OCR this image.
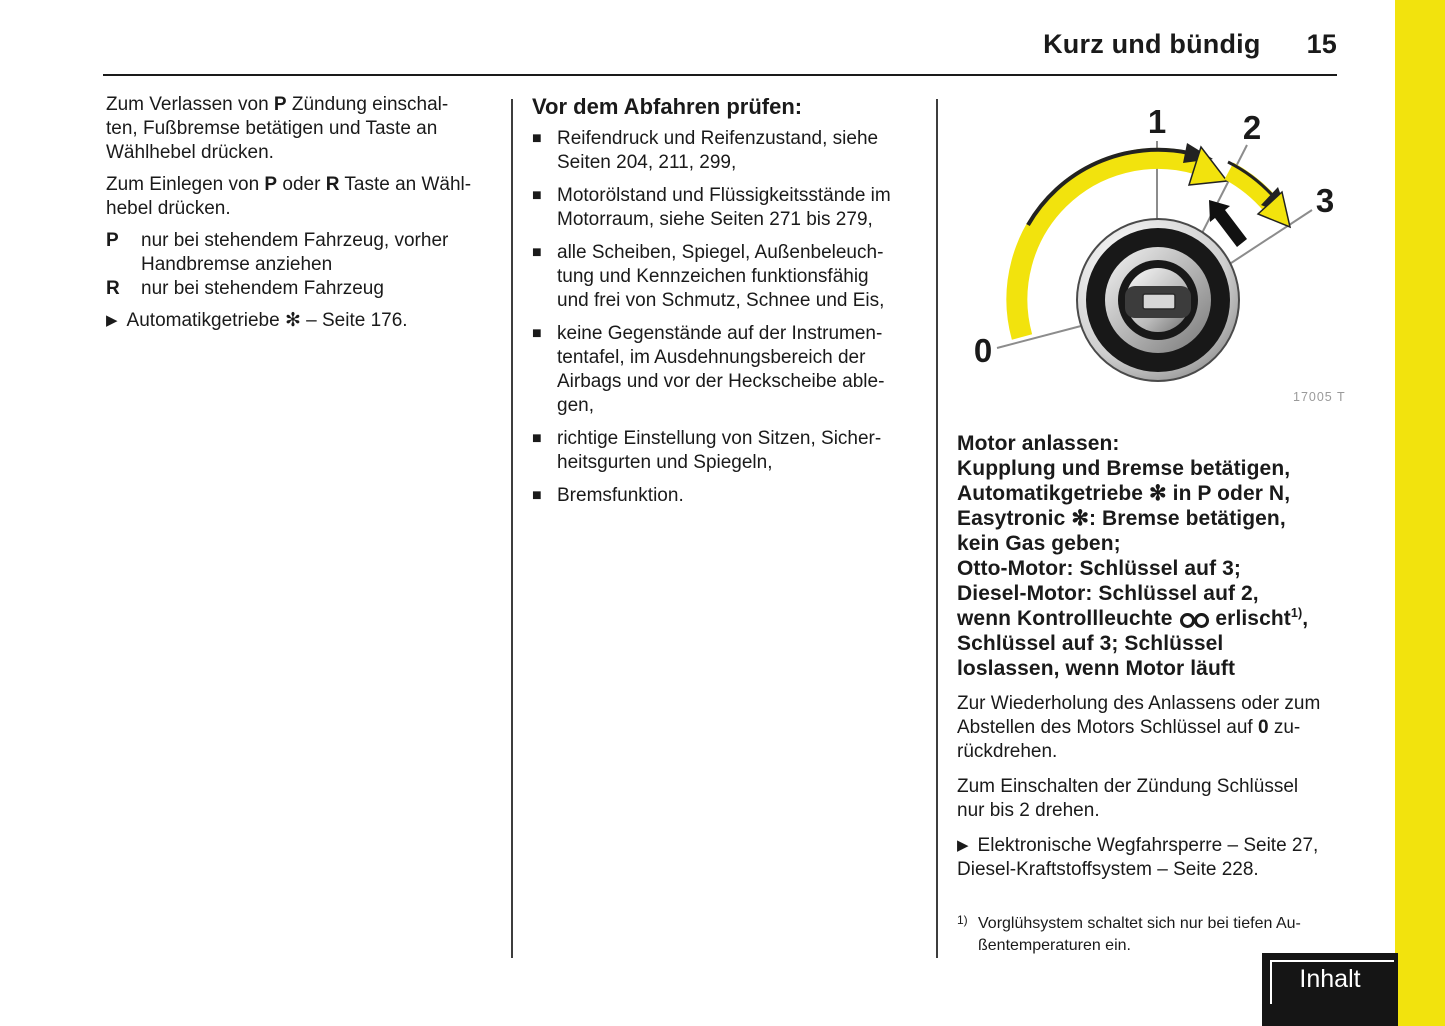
Kurz und bündig 15
Zum Verlassen von P Zündung einschal-
ten, Fußbremse betätigen und Taste an
Wählhebel drücken.
Zum Einlegen von P oder R Taste an Wähl-
hebel drücken.
P	nur bei stehendem Fahrzeug, vorher
Handbremse anziehen
R	nur bei stehendem Fahrzeug
▶ Automatikgetriebe ✻ – Seite 176.
Vor dem Abfahren prüfen:
■ Reifendruck und Reifenzustand, siehe
Seiten 204, 211, 299,
■ Motorölstand und Flüssigkeitsstände im
Motorraum, siehe Seiten 271 bis 279,
■ alle Scheiben, Spiegel, Außenbeleuch-
tung und Kennzeichen funktionsfähig
und frei von Schmutz, Schnee und Eis,
■ keine Gegenstände auf der Instrumen-
tentafel, im Ausdehnungsbereich der
Airbags und vor der Heckscheibe able-
gen,
■ richtige Einstellung von Sitzen, Sicher-
heitsgurten und Spiegeln,
■ Bremsfunktion.
0
1 2
3
17005 T
Motor anlassen:
Kupplung und Bremse betätigen,
Automatikgetriebe ✻ in P oder N,
Easytronic ✻: Bremse betätigen,
kein Gas geben;
Otto-Motor: Schlüssel auf 3;
Diesel-Motor: Schlüssel auf 2,
wenn Kontrollleuchte  erlischt$^{1)}$,
Schlüssel auf 3; Schlüssel
loslassen, wenn Motor läuft
Zur Wiederholung des Anlassens oder zum
Abstellen des Motors Schlüssel auf 0 zu-
rückdrehen.
Zum Einschalten der Zündung Schlüssel
nur bis 2 drehen.
▶ Elektronische Wegfahrsperre – Seite 27,
Diesel-Kraftstoffsystem – Seite 228.
1) Vorglühsystem schaltet sich nur bei tiefen Au-
ßentemperaturen ein.
Inhalt
